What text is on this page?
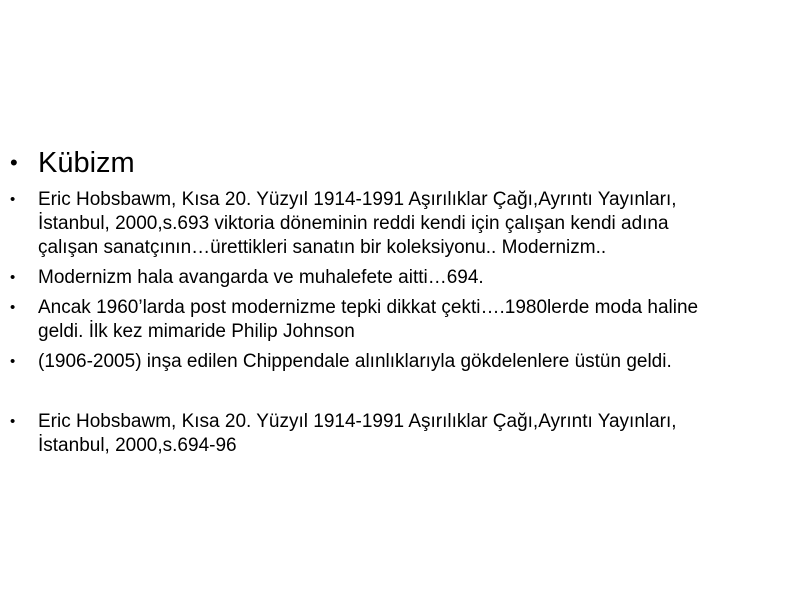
• Kübizm
• Eric Hobsbawm, Kısa 20. Yüzyıl 1914-1991 Aşırılıklar Çağı,Ayrıntı Yayınları, İstanbul, 2000,s.693 viktoria döneminin reddi kendi için çalışan kendi adına çalışan sanatçının…ürettikleri sanatın bir koleksiyonu.. Modernizm..
• Modernizm hala avangarda ve muhalefete aitti…694.
• Ancak 1960’larda post modernizme tepki dikkat çekti….1980lerde moda haline geldi. İlk kez mimaride Philip Johnson
• (1906-2005) inşa edilen Chippendale alınlıklarıyla gökdelenlere üstün geldi.
• Eric Hobsbawm, Kısa 20. Yüzyıl 1914-1991 Aşırılıklar Çağı,Ayrıntı Yayınları, İstanbul, 2000,s.694-96
